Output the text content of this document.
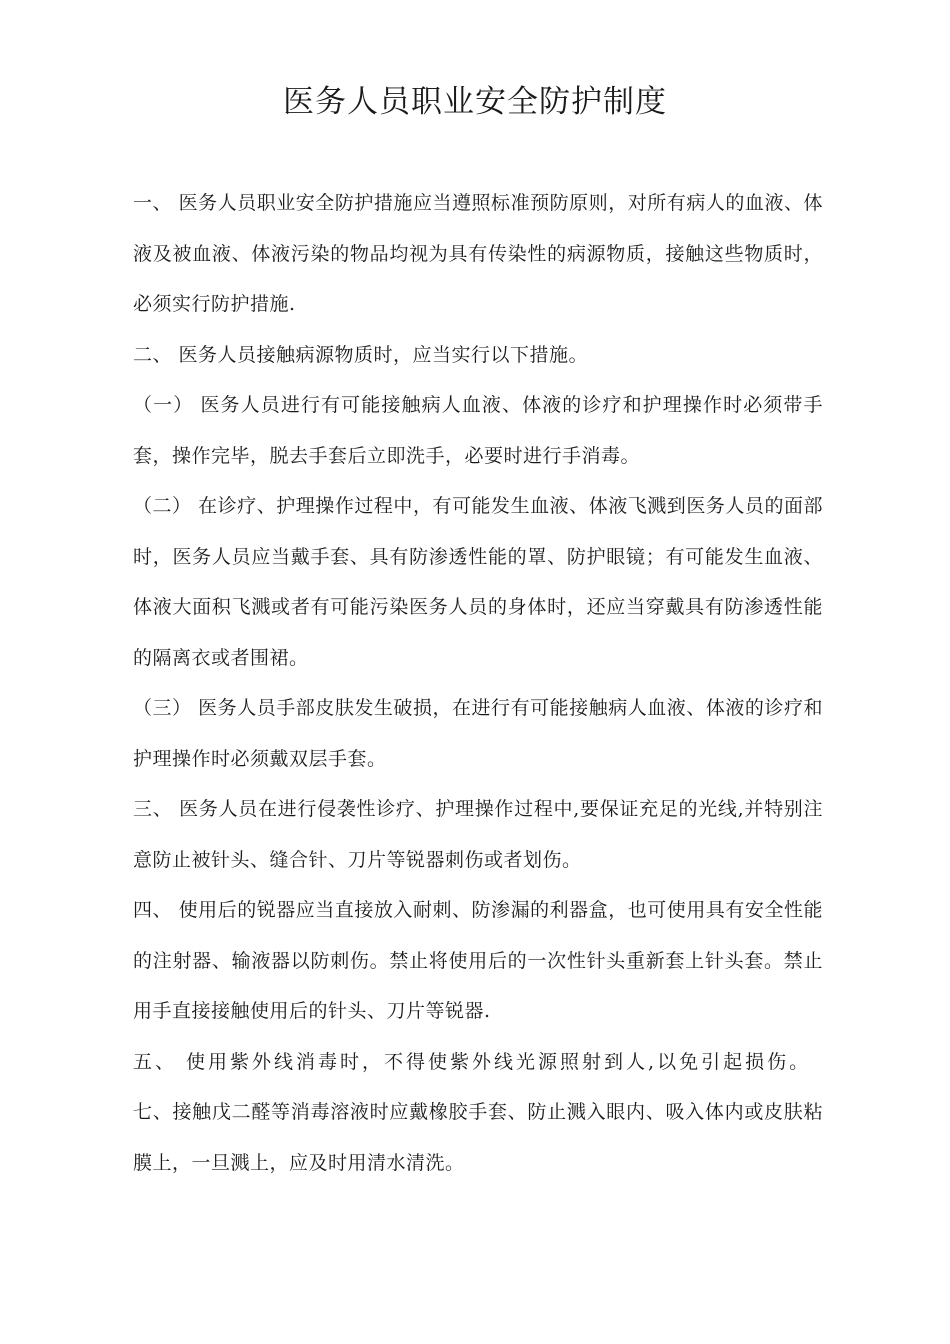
医务人员职业安全防护制度

一、 医务人员职业安全防护措施应当遵照标准预防原则，对所有病人的血液、体液及被血液、体液污染的物品均视为具有传染性的病源物质，接触这些物质时，必须实行防护措施.

二、 医务人员接触病源物质时，应当实行以下措施。

（一） 医务人员进行有可能接触病人血液、体液的诊疗和护理操作时必须带手套，操作完毕，脱去手套后立即洗手，必要时进行手消毒。

（二） 在诊疗、护理操作过程中，有可能发生血液、体液飞溅到医务人员的面部时，医务人员应当戴手套、具有防渗透性能的罩、防护眼镜；有可能发生血液、体液大面积飞溅或者有可能污染医务人员的身体时，还应当穿戴具有防渗透性能的隔离衣或者围裙。

（三） 医务人员手部皮肤发生破损，在进行有可能接触病人血液、体液的诊疗和护理操作时必须戴双层手套。

三、 医务人员在进行侵袭性诊疗、护理操作过程中,要保证充足的光线,并特别注意防止被针头、缝合针、刀片等锐器刺伤或者划伤。

四、 使用后的锐器应当直接放入耐刺、防渗漏的利器盒，也可使用具有安全性能的注射器、输液器以防刺伤。禁止将使用后的一次性针头重新套上针头套。禁止用手直接接触使用后的针头、刀片等锐器.

五、 使用紫外线消毒时，不得使紫外线光源照射到人,以免引起损伤。

七、接触戊二醛等消毒溶液时应戴橡胶手套、防止溅入眼内、吸入体内或皮肤粘膜上，一旦溅上，应及时用清水清洗。
